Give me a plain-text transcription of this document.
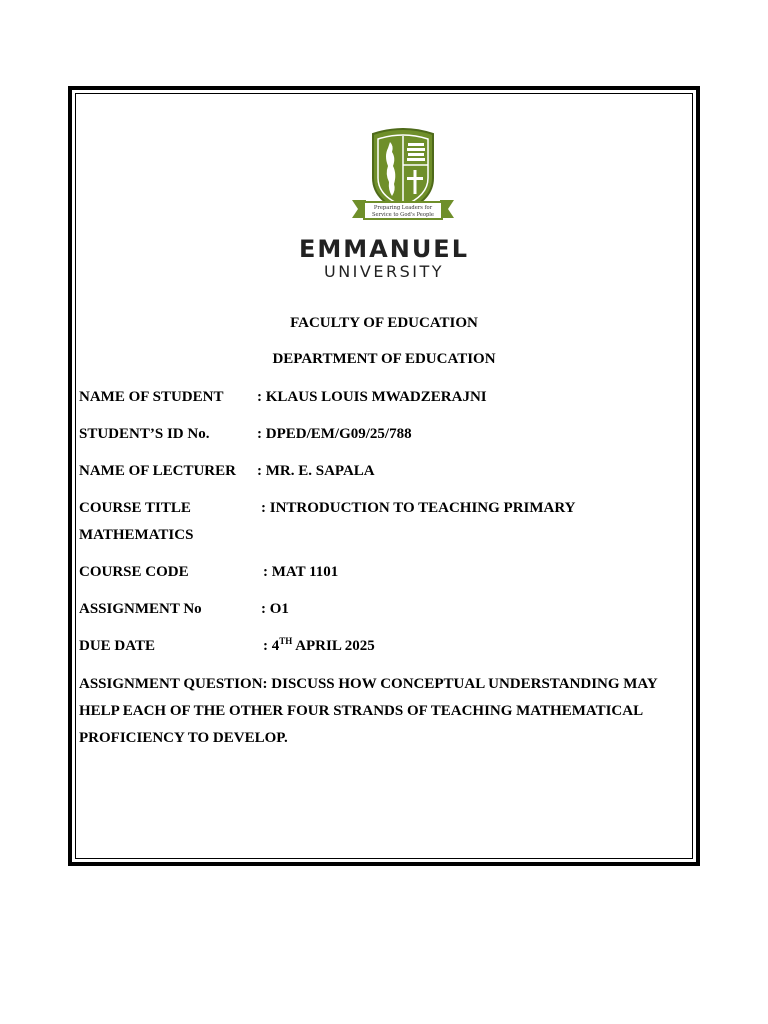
Preparing Leaders for
Service to God's People
EMMANUEL
UNIVERSITY
FACULTY OF EDUCATION
DEPARTMENT OF EDUCATION
NAME OF STUDENT : KLAUS LOUIS MWADZERAJNI
STUDENT’S ID No.	: DPED/EM/G09/25/788
NAME OF LECTURER : MR. E. SAPALA
COURSE TITLE	: INTRODUCTION TO TEACHING PRIMARY
MATHEMATICS
COURSE CODE	: MAT 1101
ASSIGNMENT No	: O1
DUE DATE	: 4TH APRIL 2025
ASSIGNMENT QUESTION: DISCUSS HOW CONCEPTUAL UNDERSTANDING MAY HELP EACH OF THE OTHER FOUR STRANDS OF TEACHING MATHEMATICAL PROFICIENCY TO DEVELOP.
